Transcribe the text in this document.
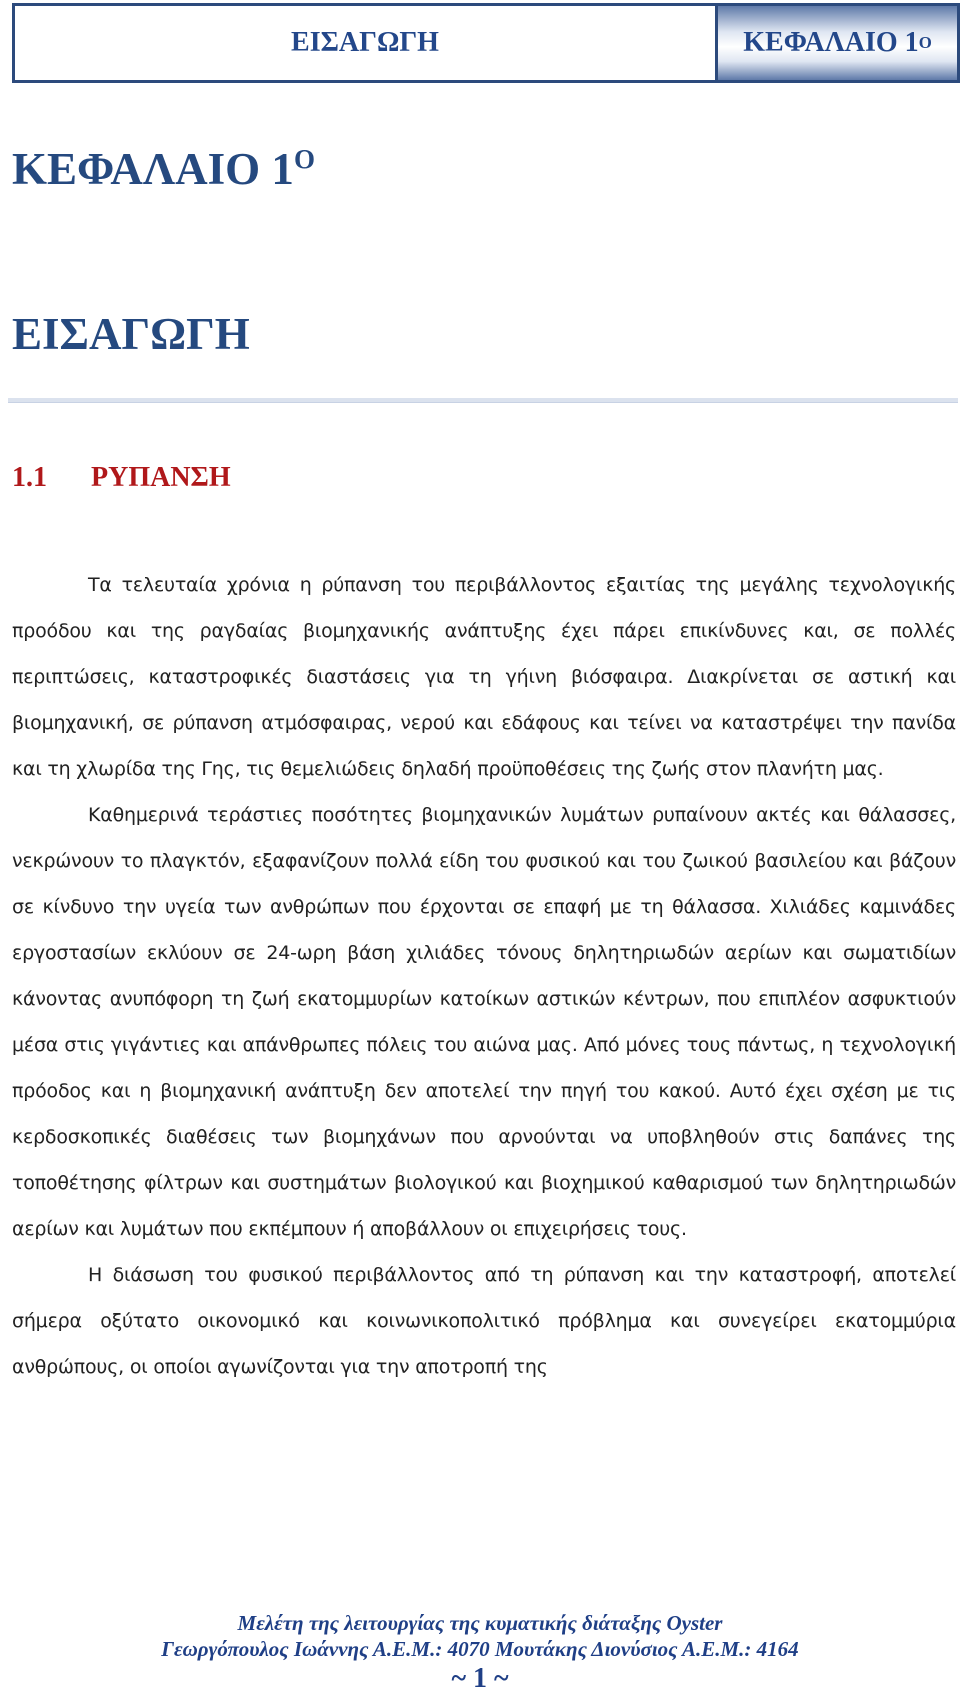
ΕΙΣΑΓΩΓΗ	ΚΕΦΑΛΑΙΟ 1 Ο
ΚΕΦΑΛΑΙΟ $1^O$
ΕΙΣΑΓΩΓΗ
1.1 ΡΥΠΑΝΣΗ

Τα τελευταία χρόνια η ρύπανση του περιβάλλοντος εξαιτίας της μεγάλης τεχνολογικής προόδου και της ραγδαίας βιομηχανικής ανάπτυξης έχει πάρει επικίνδυνες και, σε πολλές περιπτώσεις, καταστροφικές διαστάσεις για τη γήινη βιόσφαιρα. Διακρίνεται σε αστική και βιομηχανική, σε ρύπανση ατμόσφαιρας, νερού και εδάφους και τείνει να καταστρέψει την πανίδα και τη χλωρίδα της Γης, τις θεμελιώδεις δηλαδή προϋποθέσεις της ζωής στον πλανήτη μας.

Καθημερινά τεράστιες ποσότητες βιομηχανικών λυμάτων ρυπαίνουν ακτές και θάλασσες, νεκρώνουν το πλαγκτόν, εξαφανίζουν πολλά είδη του φυσικού και του ζωικού βασιλείου και βάζουν σε κίνδυνο την υγεία των ανθρώπων που έρχονται σε επαφή με τη θάλασσα. Χιλιάδες καμινάδες εργοστασίων εκλύουν σε 24-ωρη βάση χιλιάδες τόνους δηλητηριωδών αερίων και σωματιδίων κάνοντας ανυπόφορη τη ζωή εκατομμυρίων κατοίκων αστικών κέντρων, που επιπλέον ασφυκτιούν μέσα στις γιγάντιες και απάνθρωπες πόλεις του αιώνα μας. Από μόνες τους πάντως, η τεχνολογική πρόοδος και η βιομηχανική ανάπτυξη δεν αποτελεί την πηγή του κακού. Αυτό έχει σχέση με τις κερδοσκοπικές διαθέσεις των βιομηχάνων που αρνούνται να υποβληθούν στις δαπάνες της τοποθέτησης φίλτρων και συστημάτων βιολογικού και βιοχημικού καθαρισμού των δηλητηριωδών αερίων και λυμάτων που εκπέμπουν ή αποβάλλουν οι επιχειρήσεις τους.

Η διάσωση του φυσικού περιβάλλοντος από τη ρύπανση και την καταστροφή, αποτελεί σήμερα οξύτατο οικονομικό και κοινωνικοπολιτικό πρόβλημα και συνεγείρει εκατομμύρια ανθρώπους, οι οποίοι αγωνίζονται για την αποτροπή της

Μελέτη της λειτουργίας της κυματικής διάταξης Oyster
Γεωργόπουλος Ιωάννης Α.Ε.Μ.: 4070 Μουτάκης Διονύσιος Α.Ε.Μ.: 4164
~ 1 ~
